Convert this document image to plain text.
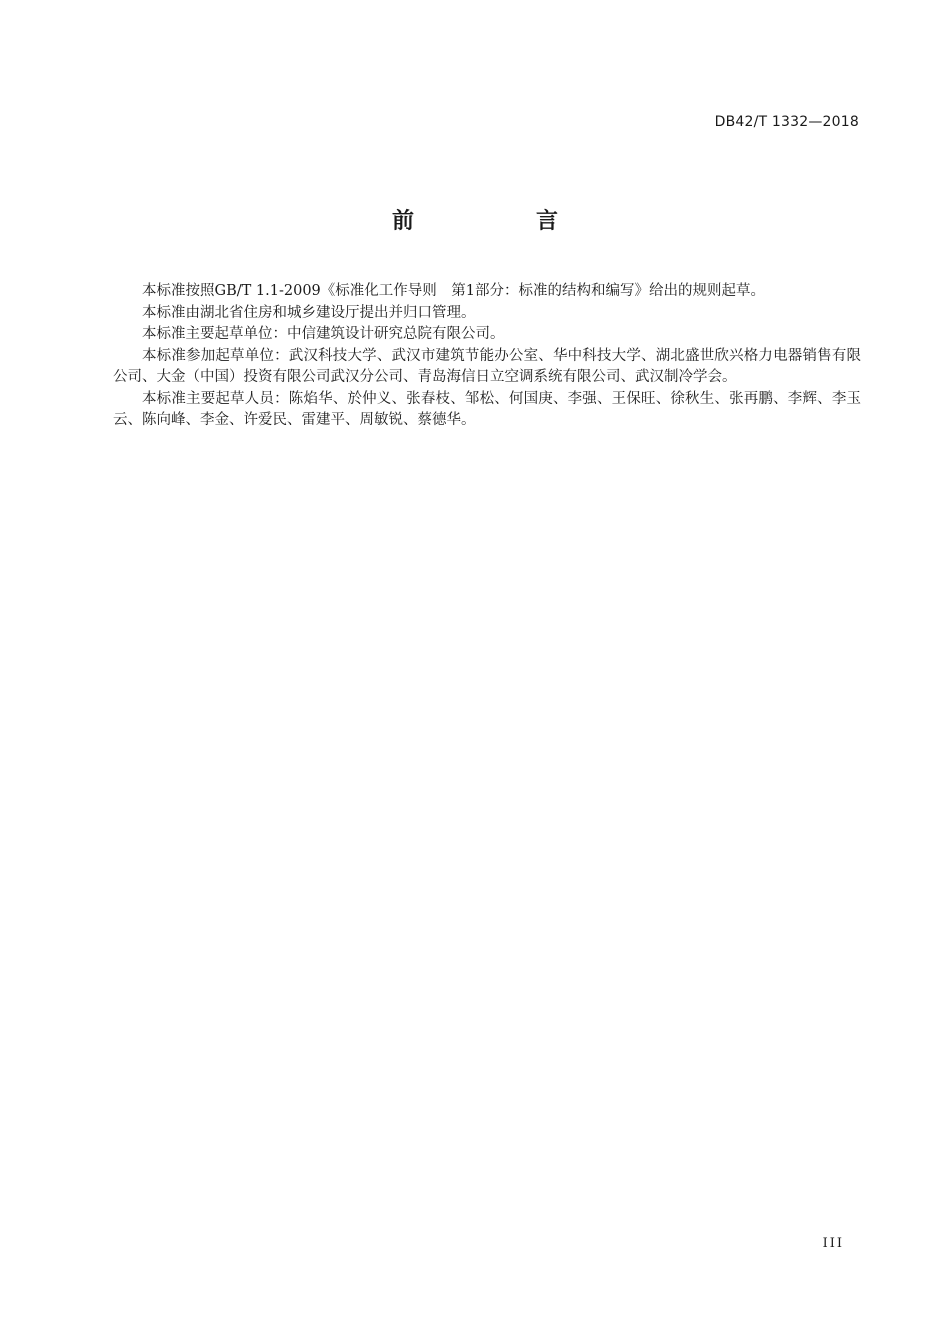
DB42/T 1332—2018
前　言

本标准按照GB/T 1.1-2009《标准化工作导则　第1部分：标准的结构和编写》给出的规则起草。

本标准由湖北省住房和城乡建设厅提出并归口管理。

本标准主要起草单位：中信建筑设计研究总院有限公司。

本标准参加起草单位：武汉科技大学、武汉市建筑节能办公室、华中科技大学、湖北盛世欣兴格力电器销售有限公司、大金（中国）投资有限公司武汉分公司、青岛海信日立空调系统有限公司、武汉制冷学会。

本标准主要起草人员：陈焰华、於仲义、张春枝、邹松、何国庚、李强、王保旺、徐秋生、张再鹏、李辉、李玉云、陈向峰、李金、许爱民、雷建平、周敏锐、蔡德华。

III
